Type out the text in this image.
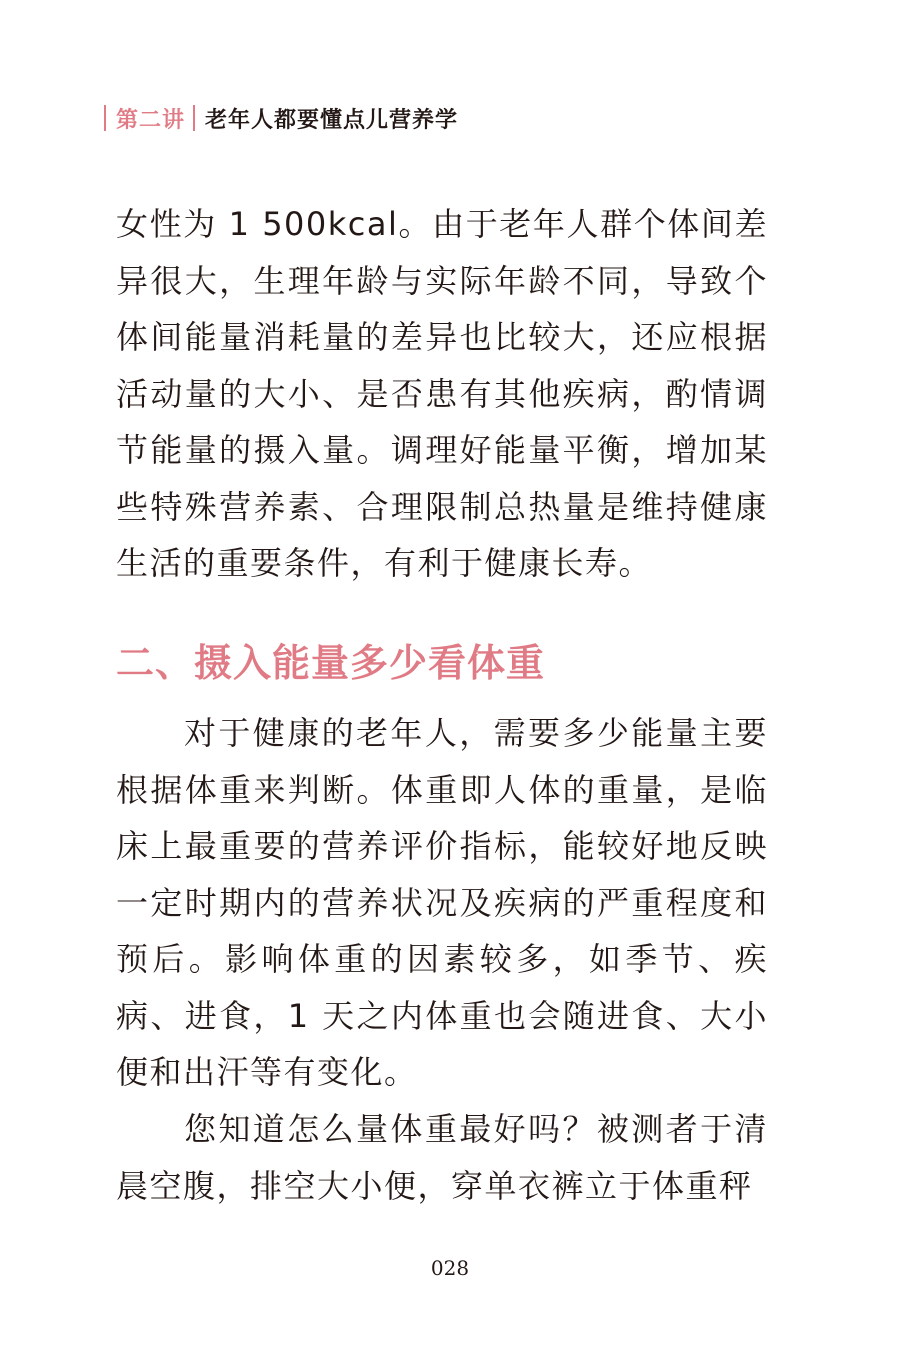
第二讲 老年人都要懂点儿营养学

女性为 1 500kcal。由于老年人群个体间差异很大，生理年龄与实际年龄不同，导致个体间能量消耗量的差异也比较大，还应根据活动量的大小、是否患有其他疾病，酌情调节能量的摄入量。调理好能量平衡，增加某些特殊营养素、合理限制总热量是维持健康生活的重要条件，有利于健康长寿。

二、摄入能量多少看体重

对于健康的老年人，需要多少能量主要根据体重来判断。体重即人体的重量，是临床上最重要的营养评价指标，能较好地反映一定时期内的营养状况及疾病的严重程度和预后。影响体重的因素较多，如季节、疾病、进食，1 天之内体重也会随进食、大小便和出汗等有变化。

您知道怎么量体重最好吗？被测者于清晨空腹，排空大小便，穿单衣裤立于体重秤

028
